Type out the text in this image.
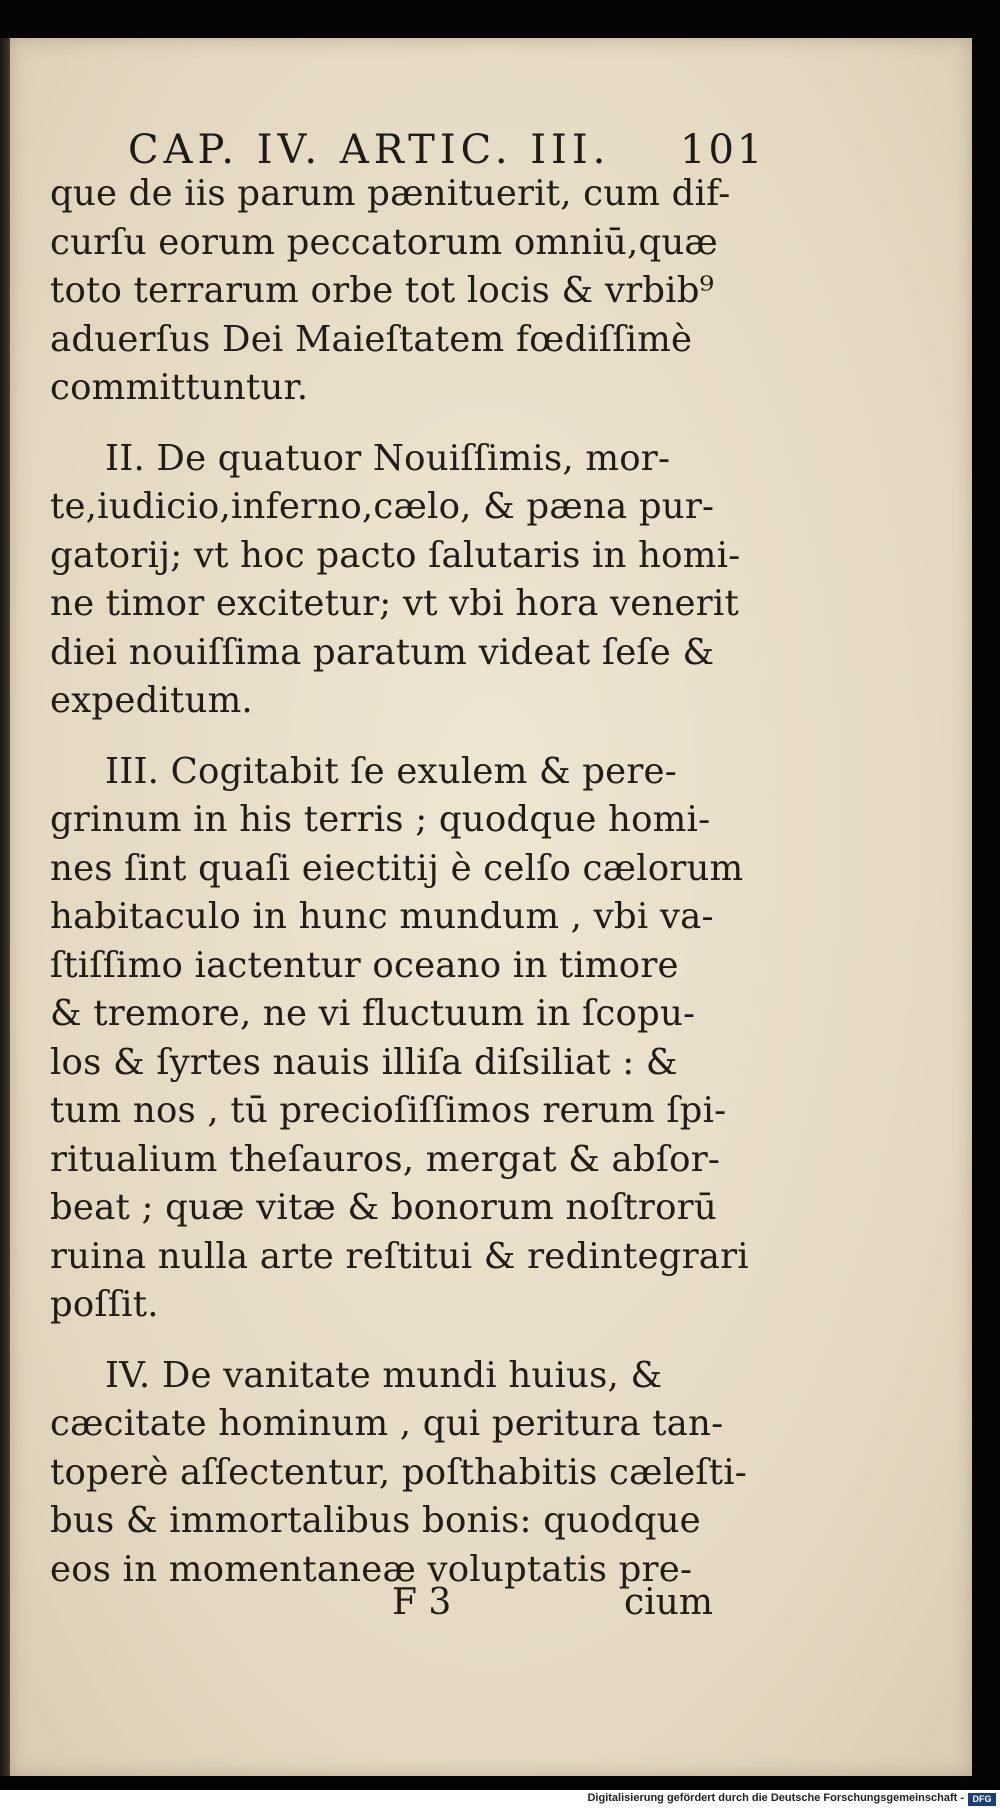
CAP. IV. ARTIC. III.	101
que de iis parum pænituerit, cum dif-
curſu eorum peccatorum omniū,quæ
toto terrarum orbe tot locis & vrbib⁹
aduerſus Dei Maieſtatem fœdiſſimè
committuntur.
II. De quatuor Nouiſſimis, mor-
te,iudicio,inferno,cælo, & pæna pur-
gatorij; vt hoc pacto ſalutaris in homi-
ne timor excitetur; vt vbi hora venerit
diei nouiſſima paratum videat ſeſe &
expeditum.
III. Cogitabit ſe exulem & pere-
grinum in his terris ; quodque homi-
nes ſint quaſi eiectitij è celſo cælorum
habitaculo in hunc mundum , vbi va-
ſtiſſimo iactentur oceano in timore
& tremore, ne vi fluctuum in ſcopu-
los & ſyrtes nauis illiſa diſsiliat : &
tum nos , tū precioſiſſimos rerum ſpi-
ritualium theſauros, mergat & abſor-
beat ; quæ vitæ & bonorum noſtrorū
ruina nulla arte reſtitui & redintegrari
poſſit.
IV. De vanitate mundi huius, &
cæcitate hominum , qui peritura tan-
toperè aſſectentur, poſthabitis cæleſti-
bus & immortalibus bonis: quodque
eos in momentaneæ voluptatis pre-
F 3	cium
Digitalisierung gefördert durch die Deutsche Forschungsgemeinschaft - DFG
